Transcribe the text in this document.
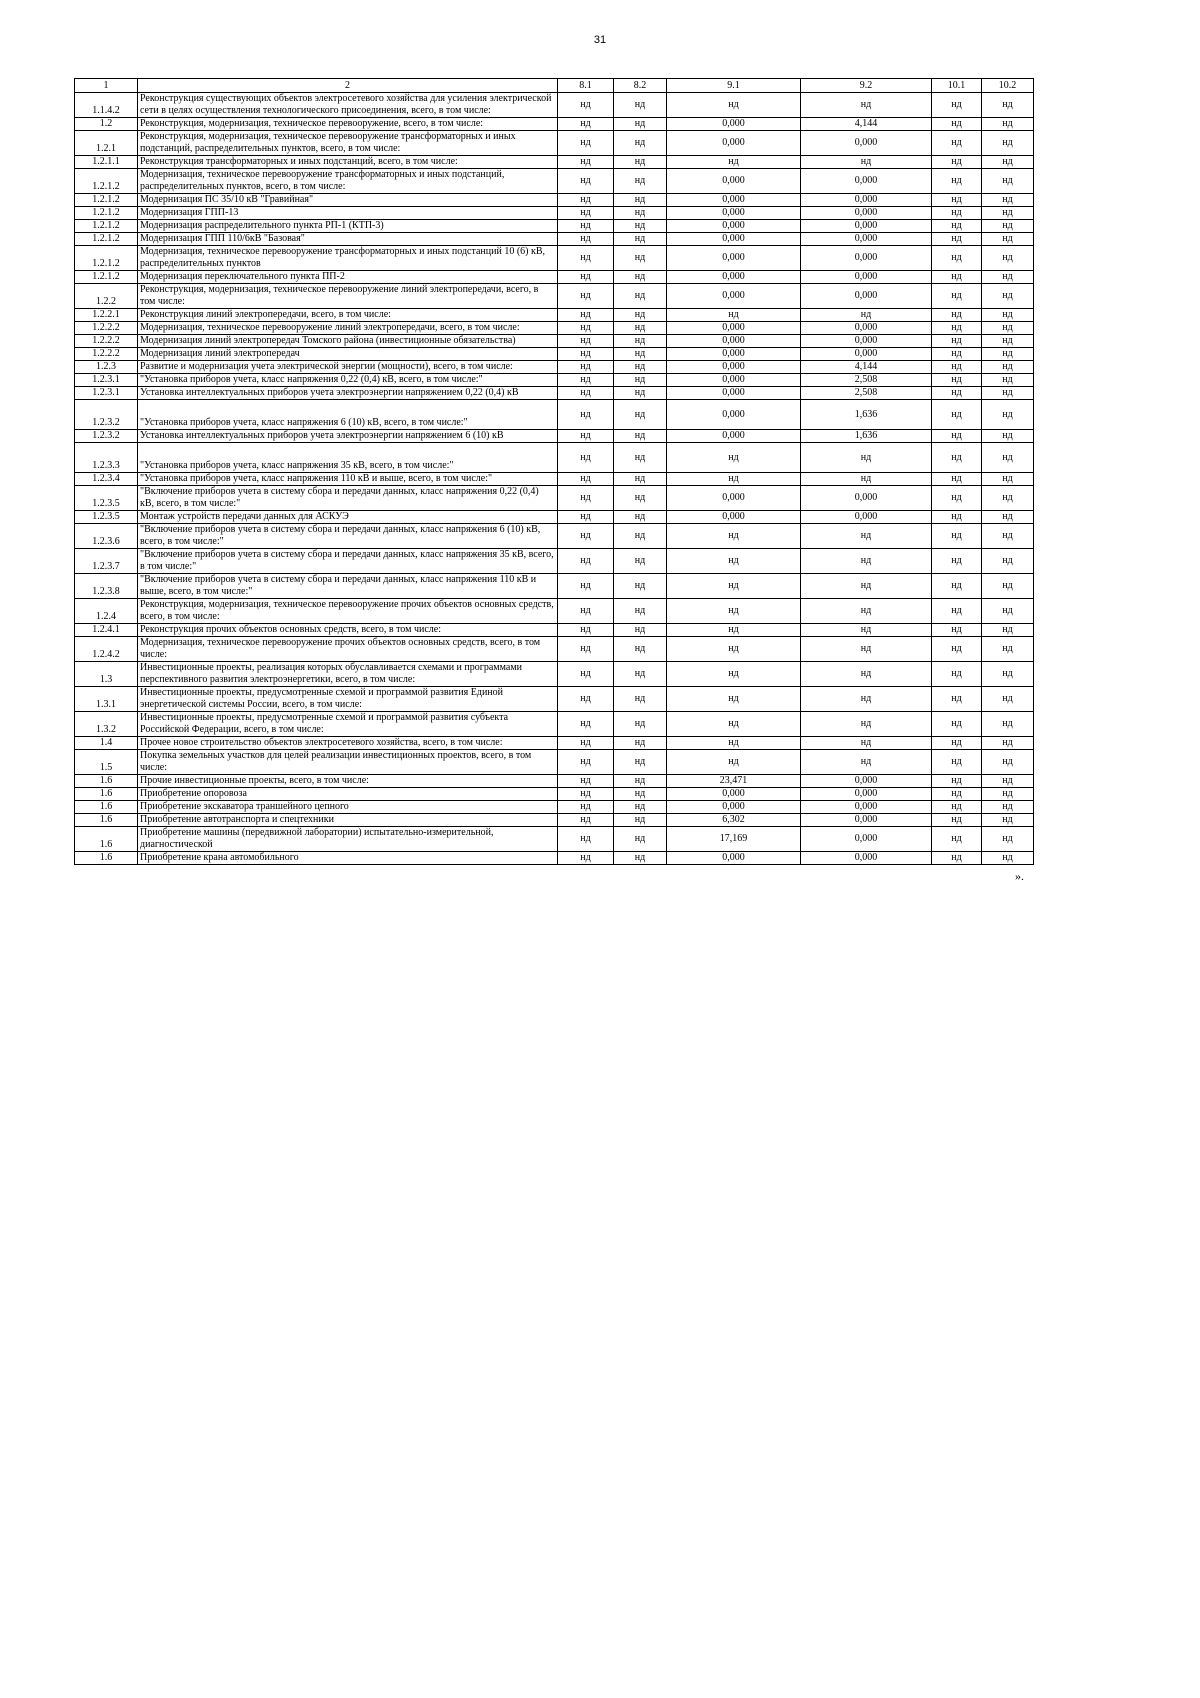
31
1	2	8.1	8.2	9.1	9.2	10.1	10.2
1.1.4.2	Реконструкция существующих объектов электросетевого хозяйства для усиления электрической сети в целях осуществления технологического присоединения, всего, в том числе:	нд	нд	нд	нд	нд	нд
1.2	Реконструкция, модернизация, техническое перевооружение, всего, в том числе:	нд	нд	0,000	4,144	нд	нд
1.2.1	Реконструкция, модернизация, техническое перевооружение трансформаторных и иных подстанций, распределительных пунктов, всего, в том числе:	нд	нд	0,000	0,000	нд	нд
1.2.1.1	Реконструкция трансформаторных и иных подстанций, всего, в том числе:	нд	нд	нд	нд	нд	нд
1.2.1.2	Модернизация, техническое перевооружение трансформаторных и иных подстанций, распределительных пунктов, всего, в том числе:	нд	нд	0,000	0,000	нд	нд
1.2.1.2	Модернизация ПС 35/10 кВ "Гравийная"	нд	нд	0,000	0,000	нд	нд
1.2.1.2	Модернизация ГПП-13	нд	нд	0,000	0,000	нд	нд
1.2.1.2	Модернизация распределительного пункта РП-1 (КТП-3)	нд	нд	0,000	0,000	нд	нд
1.2.1.2	Модернизация ГПП 110/6кВ "Базовая"	нд	нд	0,000	0,000	нд	нд
1.2.1.2	Модернизация, техническое перевооружение трансформаторных и иных подстанций 10 (6) кВ, распределительных пунктов	нд	нд	0,000	0,000	нд	нд
1.2.1.2	Модернизация переключательного пункта ПП-2	нд	нд	0,000	0,000	нд	нд
1.2.2	Реконструкция, модернизация, техническое перевооружение линий электропередачи, всего, в том числе:	нд	нд	0,000	0,000	нд	нд
1.2.2.1	Реконструкция линий электропередачи, всего, в том числе:	нд	нд	нд	нд	нд	нд
1.2.2.2	Модернизация, техническое перевооружение линий электропередачи, всего, в том числе:	нд	нд	0,000	0,000	нд	нд
1.2.2.2	Модернизация линий электропередач Томского района (инвестиционные обязательства)	нд	нд	0,000	0,000	нд	нд
1.2.2.2	Модернизация линий электропередач	нд	нд	0,000	0,000	нд	нд
1.2.3	Развитие и модернизация учета электрической энергии (мощности), всего, в том числе:	нд	нд	0,000	4,144	нд	нд
1.2.3.1	"Установка приборов учета, класс напряжения 0,22 (0,4) кВ, всего, в том числе:"	нд	нд	0,000	2,508	нд	нд
1.2.3.1	Установка интеллектуальных приборов учета электроэнергии напряжением 0,22 (0,4) кВ	нд	нд	0,000	2,508	нд	нд
1.2.3.2	"Установка приборов учета, класс напряжения 6 (10) кВ, всего, в том числе:"	нд	нд	0,000	1,636	нд	нд
1.2.3.2	Установка интеллектуальных приборов учета электроэнергии напряжением 6 (10) кВ	нд	нд	0,000	1,636	нд	нд
1.2.3.3	"Установка приборов учета, класс напряжения 35 кВ, всего, в том числе:"	нд	нд	нд	нд	нд	нд
1.2.3.4	"Установка приборов учета, класс напряжения 110 кВ и выше, всего, в том числе:"	нд	нд	нд	нд	нд	нд
1.2.3.5	"Включение приборов учета в систему сбора и передачи данных, класс напряжения 0,22 (0,4) кВ, всего, в том числе:"	нд	нд	0,000	0,000	нд	нд
1.2.3.5	Монтаж устройств передачи данных для АСКУЭ	нд	нд	0,000	0,000	нд	нд
1.2.3.6	"Включение приборов учета в систему сбора и передачи данных, класс напряжения 6 (10) кВ, всего, в том числе:"	нд	нд	нд	нд	нд	нд
1.2.3.7	"Включение приборов учета в систему сбора и передачи данных, класс напряжения 35 кВ, всего, в том числе:"	нд	нд	нд	нд	нд	нд
1.2.3.8	"Включение приборов учета в систему сбора и передачи данных, класс напряжения 110 кВ и выше, всего, в том числе:"	нд	нд	нд	нд	нд	нд
1.2.4	Реконструкция, модернизация, техническое перевооружение прочих объектов основных средств, всего, в том числе:	нд	нд	нд	нд	нд	нд
1.2.4.1	Реконструкция прочих объектов основных средств, всего, в том числе:	нд	нд	нд	нд	нд	нд
1.2.4.2	Модернизация, техническое перевооружение прочих объектов основных средств, всего, в том числе:	нд	нд	нд	нд	нд	нд
1.3	Инвестиционные проекты, реализация которых обуславливается схемами и программами перспективного развития электроэнергетики, всего, в том числе:	нд	нд	нд	нд	нд	нд
1.3.1	Инвестиционные проекты, предусмотренные схемой и программой развития Единой энергетической системы России, всего, в том числе:	нд	нд	нд	нд	нд	нд
1.3.2	Инвестиционные проекты, предусмотренные схемой и программой развития субъекта Российской Федерации, всего, в том числе:	нд	нд	нд	нд	нд	нд
1.4	Прочее новое строительство объектов электросетевого хозяйства, всего, в том числе:	нд	нд	нд	нд	нд	нд
1.5	Покупка земельных участков для целей реализации инвестиционных проектов, всего, в том числе:	нд	нд	нд	нд	нд	нд
1.6	Прочие инвестиционные проекты, всего, в том числе:	нд	нд	23,471	0,000	нд	нд
1.6	Приобретение опоровоза	нд	нд	0,000	0,000	нд	нд
1.6	Приобретение экскаватора траншейного цепного	нд	нд	0,000	0,000	нд	нд
1.6	Приобретение автотранспорта и спецтехники	нд	нд	6,302	0,000	нд	нд
1.6	Приобретение машины (передвижной лаборатории) испытательно-измерительной, диагностической	нд	нд	17,169	0,000	нд	нд
1.6	Приобретение крана автомобильного	нд	нд	0,000	0,000	нд	нд
».
